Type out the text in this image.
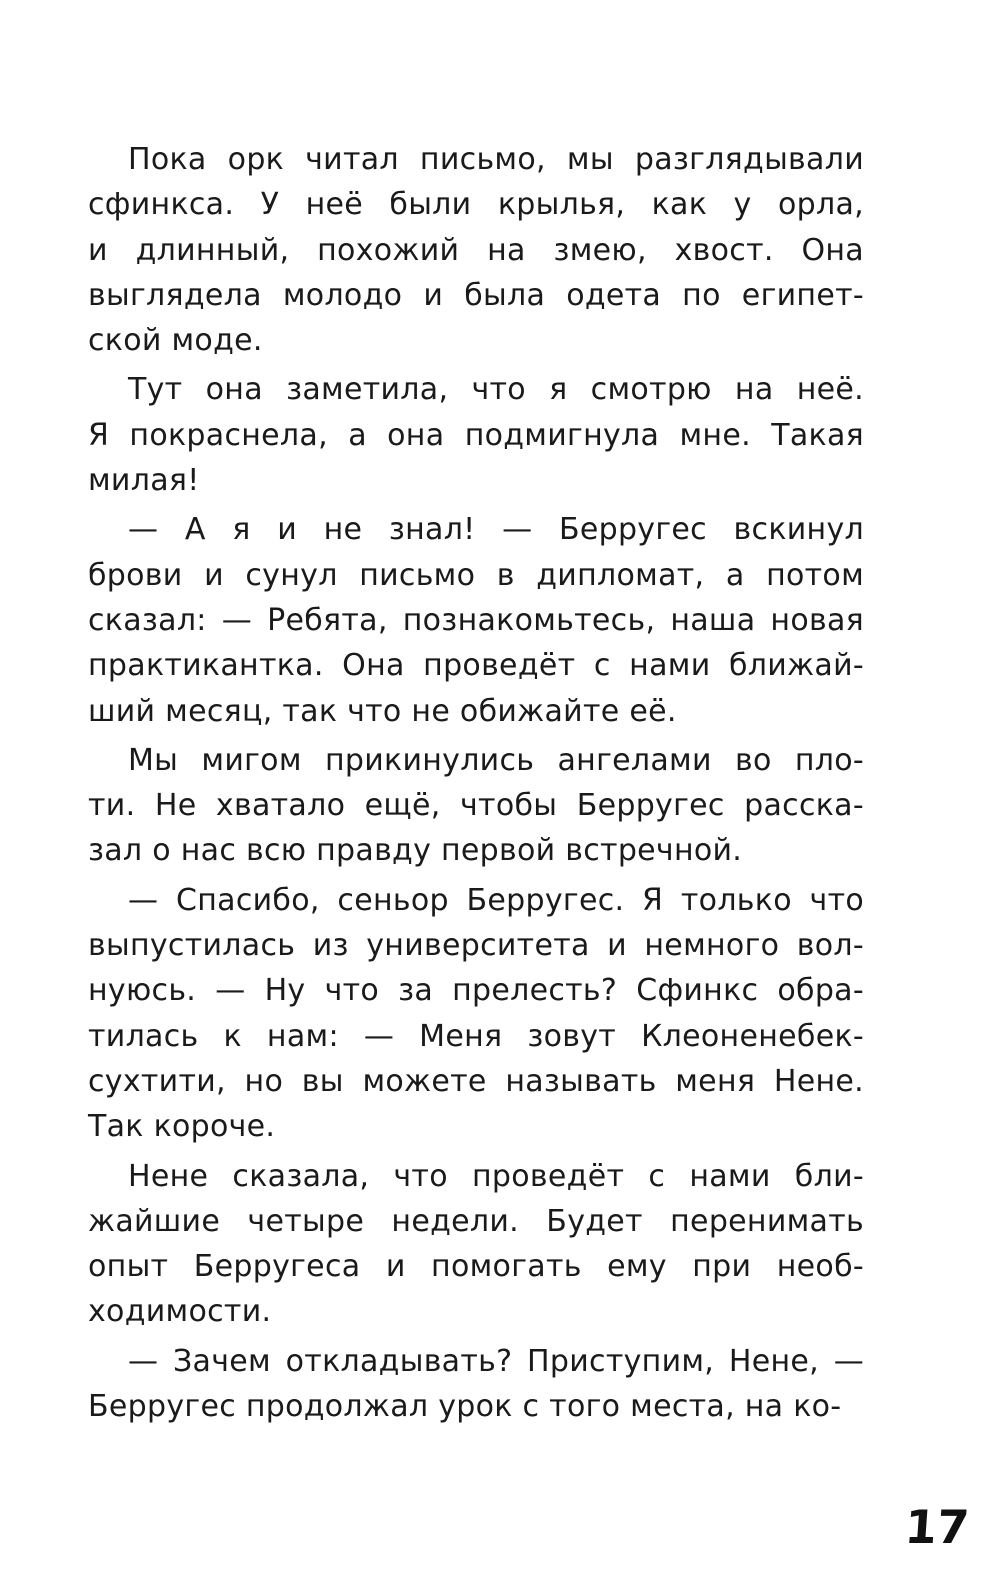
Пока орк читал письмо, мы разглядывали
сфинкса. У неё были крылья, как у орла,
и длинный, похожий на змею, хвост. Она
выглядела молодо и была одета по египет-
ской моде.
Тут она заметила, что я смотрю на неё.
Я покраснела, а она подмигнула мне. Такая
милая!
— А я и не знал! — Берругес вскинул
брови и сунул письмо в дипломат, а потом
сказал: — Ребята, познакомьтесь, наша новая
практикантка. Она проведёт с нами ближай-
ший месяц, так что не обижайте её.
Мы мигом прикинулись ангелами во пло-
ти. Не хватало ещё, чтобы Берругес расска-
зал о нас всю правду первой встречной.
— Спасибо, сеньор Берругес. Я только что
выпустилась из университета и немного вол-
нуюсь. — Ну что за прелесть? Сфинкс обра-
тилась к нам: — Меня зовут Клеоненебек-
сухтити, но вы можете называть меня Нене.
Так короче.
Нене сказала, что проведёт с нами бли-
жайшие четыре недели. Будет перенимать
опыт Берругеса и помогать ему при необ-
ходимости.
— Зачем откладывать? Приступим, Нене, —
Берругес продолжал урок с того места, на ко-
17
